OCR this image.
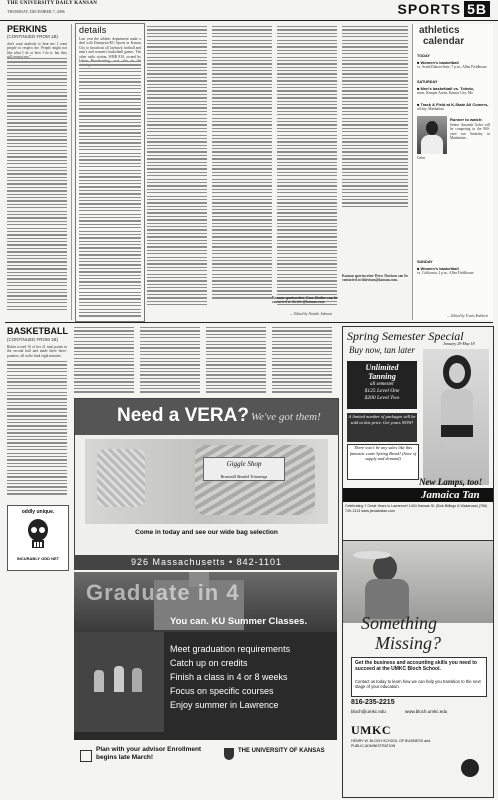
THE UNIVERSITY DAILY KANSAN
THURSDAY, DECEMBER 7, 2006	SPORTS 5B
PERKINS
(CONTINUED FROM 1B)
don't want anybody to hear me. I want people to respect me. People might not like what I do or how I do it, but they
details
Last year the athletic department made a deal with Enterprise/KU Sports in Kansas City to broadcast all Jayhawk football and men's and women's basketball games. The other radio station, WHB 810, owned by
Kansan sportswriter Drew Davison can be contacted at ddavison@kansan.com.
athletics
calendar
TODAY
■ Women's basketball
vs. South Dakota State, 7 p.m., Allen Fieldhouse
SATURDAY
■ Men's basketball vs. Toledo,
noon, Kemper Arena, Kansas City, Mo.
■ Track & Field at K-State All Comers,
all day, Manhattan
Gehrt
Runner to watch:
Senior Amanda Gehrt will be competing in the 800-yard run Saturday in Manhattan...
SUNDAY
■ Women's basketball
vs. California, 2 p.m., Allen Fieldhouse
— Edited by Travis Robinett
Kansan sportswriter Case Keefer can be contacted at ckeefer@kansan.com.
— Edited by Natalie Johnson
BASKETBALL
(CONTINUED FROM 1B)
Robin scored 16 of her 21 total points in the second half and made three three-pointers, all in the final eight minutes.
oddly unique.
INCURABLY ODD NET
Need a VERA? We've got them!
Giggle Shop
Brassmill Beaded Trimmings
Come in today and see our wide bag selection
926 Massachusetts • 842-1101
Graduate in 4
You can. KU Summer Classes.
Meet graduation requirements
Catch up on credits
Finish a class in 4 or 8 weeks
Focus on specific courses
Enjoy summer in Lawrence
Plan with your advisor Enrollment begins late March!
THE UNIVERSITY OF KANSAS
Spring Semester Special
Buy now, tan later
January 29-May 18
Unlimited
Tanning
all semester
$125 Level One
$200 Level Two
A limited number of packages will be sold at this price. Get yours NOW!
There won't be any sales like this fantastic come Spring Break! (Save of supply and demand)
New Lamps, too!
Jamaica Tan
Celebrating 7 Great Years in Lawrence! 1404 Kansas St. (Bob Billings & Wakarusa) (785) 749-1313 www.jamaicatan.com
Something
Missing?
Get the business and accounting skills you need to succeed at the UMKC Bloch School.
Contact us today to learn how we can help you transition to the next stage of your education.
816-235-2215
bloch@umkc.edu	www.bloch.umkc.edu
UMKC
HENRY W. BLOCH SCHOOL OF BUSINESS and PUBLIC ADMINISTRATION
